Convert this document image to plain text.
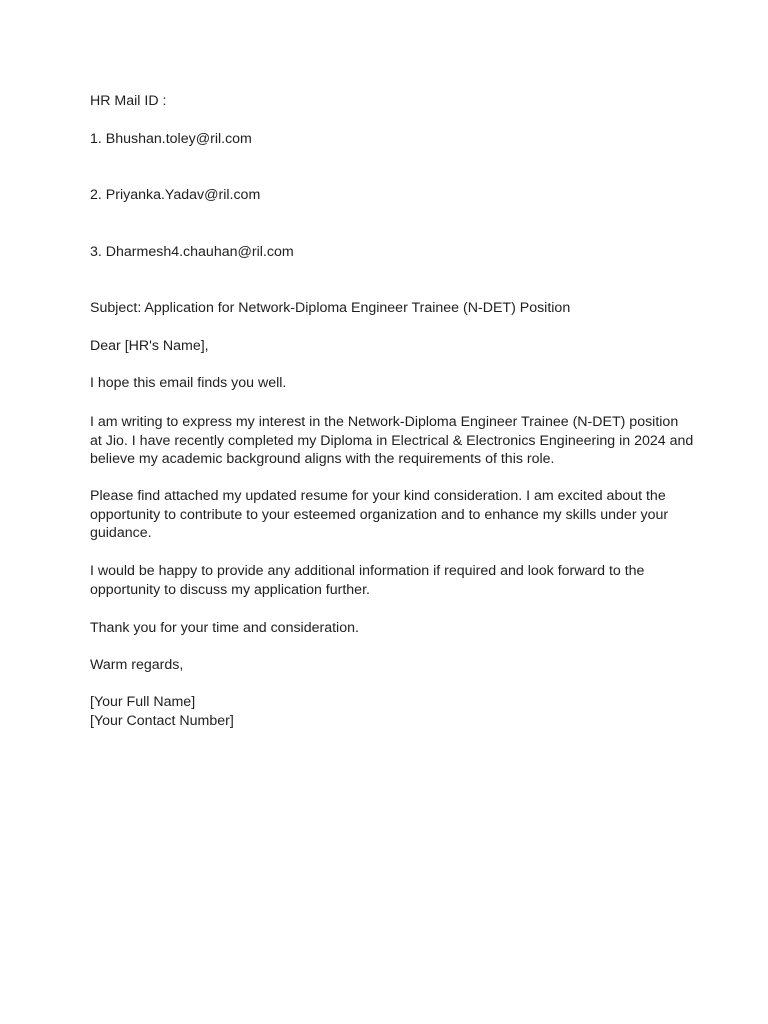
HR Mail ID :

1. Bhushan.toley@ril.com

2. Priyanka.Yadav@ril.com

3. Dharmesh4.chauhan@ril.com

Subject: Application for Network-Diploma Engineer Trainee (N-DET) Position

Dear [HR's Name],

I hope this email finds you well.

I am writing to express my interest in the Network-Diploma Engineer Trainee (N-DET) position
at Jio. I have recently completed my Diploma in Electrical & Electronics Engineering in 2024 and
believe my academic background aligns with the requirements of this role.
Please find attached my updated resume for your kind consideration. I am excited about the
opportunity to contribute to your esteemed organization and to enhance my skills under your
guidance.
I would be happy to provide any additional information if required and look forward to the
opportunity to discuss my application further.

Thank you for your time and consideration.

Warm regards,

[Your Full Name]
[Your Contact Number]
